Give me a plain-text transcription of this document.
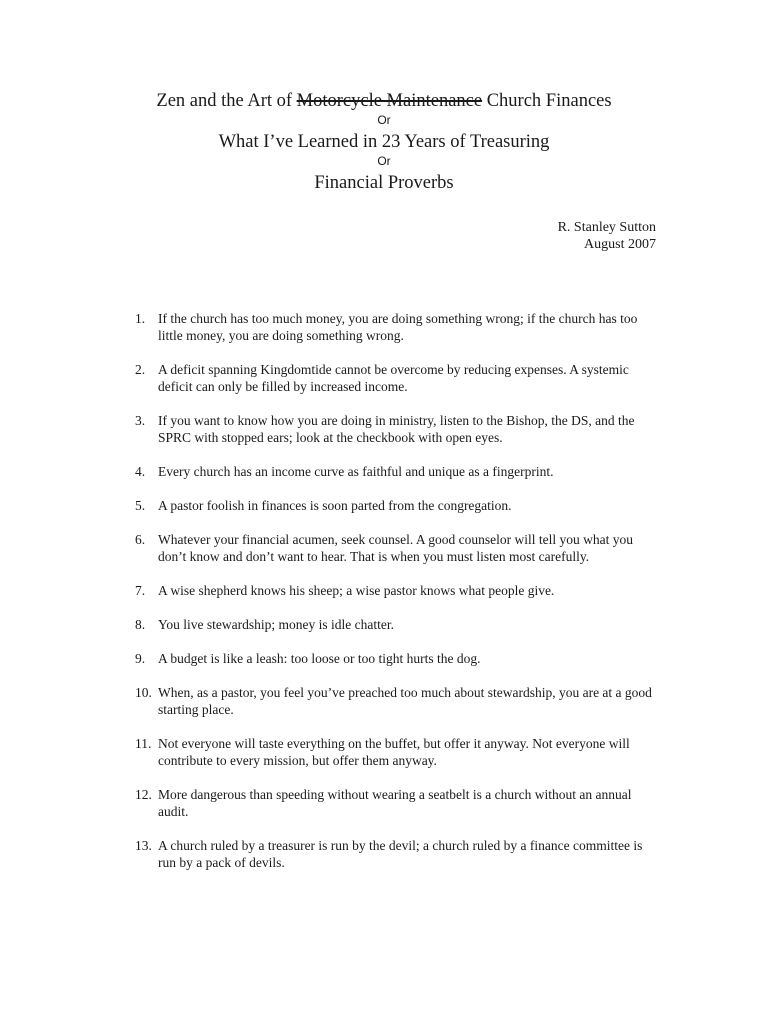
Zen and the Art of Motorcycle Maintenance Church Finances

Or

What I’ve Learned in 23 Years of Treasuring

Or

Financial Proverbs

R. Stanley Sutton
August 2007
1. If the church has too much money, you are doing something wrong; if the church has too little money, you are doing something wrong.
2. A deficit spanning Kingdomtide cannot be overcome by reducing expenses. A systemic deficit can only be filled by increased income.
3. If you want to know how you are doing in ministry, listen to the Bishop, the DS, and the SPRC with stopped ears; look at the checkbook with open eyes.
4. Every church has an income curve as faithful and unique as a fingerprint.
5. A pastor foolish in finances is soon parted from the congregation.
6. Whatever your financial acumen, seek counsel. A good counselor will tell you what you don’t know and don’t want to hear. That is when you must listen most carefully.
7. A wise shepherd knows his sheep; a wise pastor knows what people give.
8. You live stewardship; money is idle chatter.
9. A budget is like a leash: too loose or too tight hurts the dog.
10. When, as a pastor, you feel you’ve preached too much about stewardship, you are at a good starting place.
11. Not everyone will taste everything on the buffet, but offer it anyway. Not everyone will contribute to every mission, but offer them anyway.
12. More dangerous than speeding without wearing a seatbelt is a church without an annual audit.
13. A church ruled by a treasurer is run by the devil; a church ruled by a finance committee is run by a pack of devils.
